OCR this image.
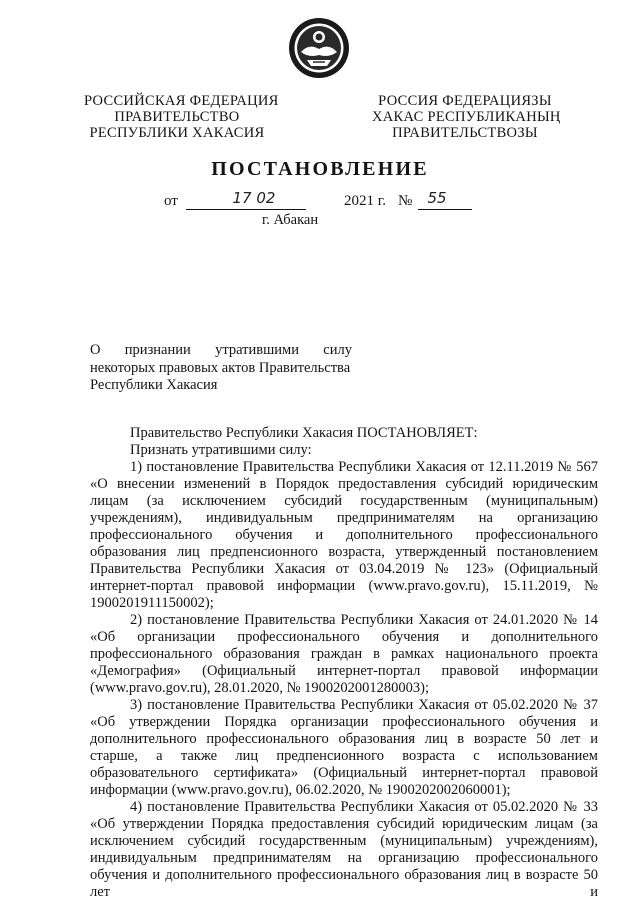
РОССИЙСКАЯ ФЕДЕРАЦИЯ
ПРАВИТЕЛЬСТВО
РЕСПУБЛИКИ ХАКАСИЯ
РОССИЯ ФЕДЕРАЦИЯЗЫ
ХАКАС РЕСПУБЛИКАНЫҢ
ПРАВИТЕЛЬСТВОЗЫ
ПОСТАНОВЛЕНИЕ
от	17 02	2021 г. №	55
г. Абакан
О признании утратившими силу
некоторых правовых актов Правительства
Республики Хакасия

Правительство Республики Хакасия ПОСТАНОВЛЯЕТ:

Признать утратившими силу:

1) постановление Правительства Республики Хакасия от 12.11.2019 № 567 «О внесении изменений в Порядок предоставления субсидий юридическим лицам (за исключением субсидий государственным (муниципальным) учреждениям), индивидуальным предпринимателям на организацию профессионального обучения и дополнительного профессионального образования лиц предпенсионного возраста, утвержденный постановлением Правительства Республики Хакасия от 03.04.2019 № 123» (Официальный интернет-портал правовой информации (www.pravo.gov.ru), 15.11.2019, № 1900201911150002);

2) постановление Правительства Республики Хакасия от 24.01.2020 № 14 «Об организации профессионального обучения и дополнительного профессионального образования граждан в рамках национального проекта «Демография» (Официальный интернет-портал правовой информации (www.pravo.gov.ru), 28.01.2020, № 1900202001280003);

3) постановление Правительства Республики Хакасия от 05.02.2020 № 37 «Об утверждении Порядка организации профессионального обучения и дополнительного профессионального образования лиц в возрасте 50 лет и старше, а также лиц предпенсионного возраста с использованием образовательного сертификата» (Официальный интернет-портал правовой информации (www.pravo.gov.ru), 06.02.2020, № 1900202002060001);

4) постановление Правительства Республики Хакасия от 05.02.2020 № 33 «Об утверждении Порядка предоставления субсидий юридическим лицам (за исключением субсидий государственным (муниципальным) учреждениям), индивидуальным предпринимателям на организацию профессионального обучения и дополнительного профессионального образования лиц в возрасте 50 лет и
